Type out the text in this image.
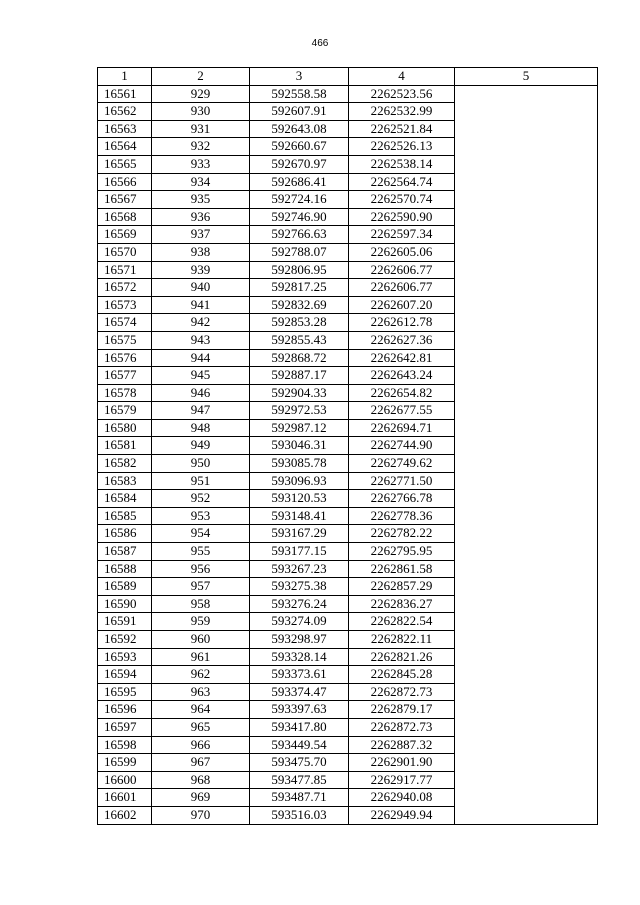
466
1	2	3	4	5
16561	929	592558.58	2262523.56	
16562	930	592607.91	2262532.99	
16563	931	592643.08	2262521.84	
16564	932	592660.67	2262526.13	
16565	933	592670.97	2262538.14	
16566	934	592686.41	2262564.74	
16567	935	592724.16	2262570.74	
16568	936	592746.90	2262590.90	
16569	937	592766.63	2262597.34	
16570	938	592788.07	2262605.06	
16571	939	592806.95	2262606.77	
16572	940	592817.25	2262606.77	
16573	941	592832.69	2262607.20	
16574	942	592853.28	2262612.78	
16575	943	592855.43	2262627.36	
16576	944	592868.72	2262642.81	
16577	945	592887.17	2262643.24	
16578	946	592904.33	2262654.82	
16579	947	592972.53	2262677.55	
16580	948	592987.12	2262694.71	
16581	949	593046.31	2262744.90	
16582	950	593085.78	2262749.62	
16583	951	593096.93	2262771.50	
16584	952	593120.53	2262766.78	
16585	953	593148.41	2262778.36	
16586	954	593167.29	2262782.22	
16587	955	593177.15	2262795.95	
16588	956	593267.23	2262861.58	
16589	957	593275.38	2262857.29	
16590	958	593276.24	2262836.27	
16591	959	593274.09	2262822.54	
16592	960	593298.97	2262822.11	
16593	961	593328.14	2262821.26	
16594	962	593373.61	2262845.28	
16595	963	593374.47	2262872.73	
16596	964	593397.63	2262879.17	
16597	965	593417.80	2262872.73	
16598	966	593449.54	2262887.32	
16599	967	593475.70	2262901.90	
16600	968	593477.85	2262917.77	
16601	969	593487.71	2262940.08	
16602	970	593516.03	2262949.94	
